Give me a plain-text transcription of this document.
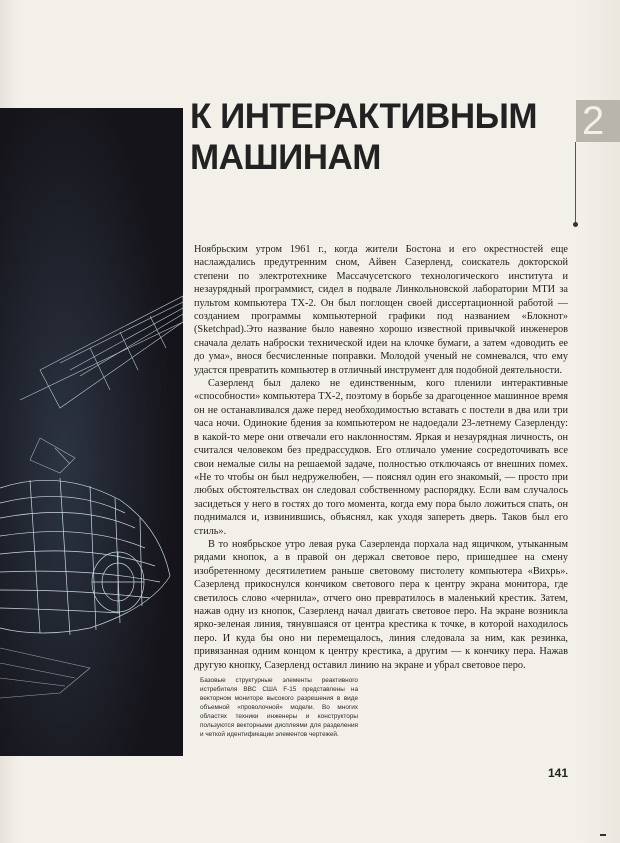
К ИНТЕРАКТИВНЫМ
МАШИНАМ
2

Ноябрьским утром 1961 г., когда жители Бостона и его окрестностей еще наслаждались предутренним сном, Айвен Сазерленд, соискатель докторской степени по электротехнике Массачусетского технологического института и незаурядный программист, сидел в подвале Линкольновской лаборатории МТИ за пультом компьютера TX-2. Он был поглощен своей диссертационной работой — созданием программы компьютерной графики под названием «Блокнот» (Sketchpad).Это название было навеяно хорошо известной привычкой инженеров сначала делать наброски технической идеи на клочке бумаги, а затем «доводить ее до ума», внося бесчисленные поправки. Молодой ученый не сомневался, что ему удастся превратить компьютер в отличный инструмент для подобной деятельности.

Сазерленд был далеко не единственным, кого пленили интерактивные «способности» компьютера TX-2, поэтому в борьбе за драгоценное машинное время он не останавливался даже перед необходимостью вставать с постели в два или три часа ночи. Одинокие бдения за компьютером не надоедали 23-летнему Сазерленду: в какой-то мере они отвечали его наклонностям. Яркая и незаурядная личность, он считался человеком без предрассудков. Его отличало умение сосредоточивать все свои немалые силы на решаемой задаче, полностью отключаясь от внешних помех. «Не то чтобы он был недружелюбен, — пояснял один его знакомый, — просто при любых обстоятельствах он следовал собственному распорядку. Если вам случалось засидеться у него в гостях до того момента, когда ему пора было ложиться спать, он поднимался и, извинившись, объяснял, как уходя запереть дверь. Таков был его стиль».

В то ноябрьское утро левая рука Сазерленда порхала над ящичком, утыканным рядами кнопок, а в правой он держал световое перо, пришедшее на смену изобретенному десятилетием раньше световому пистолету компьютера «Вихрь». Сазерленд прикоснулся кончиком светового пера к центру экрана монитора, где светилось слово «чернила», отчего оно превратилось в маленький крестик. Затем, нажав одну из кнопок, Сазерленд начал двигать световое перо. На экране возникла ярко-зеленая линия, тянувшаяся от центра крестика к точке, в которой находилось перо. И куда бы оно ни перемещалось, линия следовала за ним, как резинка, привязанная одним концом к центру крестика, а другим — к кончику пера. Нажав другую кнопку, Сазерленд оставил линию на экране и убрал световое перо.

Базовые структурные элементы реактивного истребителя ВВС США F-15 представлены на векторном мониторе высокого разрешения в виде объемной «проволочной» модели. Во многих областях техники инженеры и конструкторы пользуются векторными дисплеями для разделения и четкой идентификации элементов чертежей.
141
